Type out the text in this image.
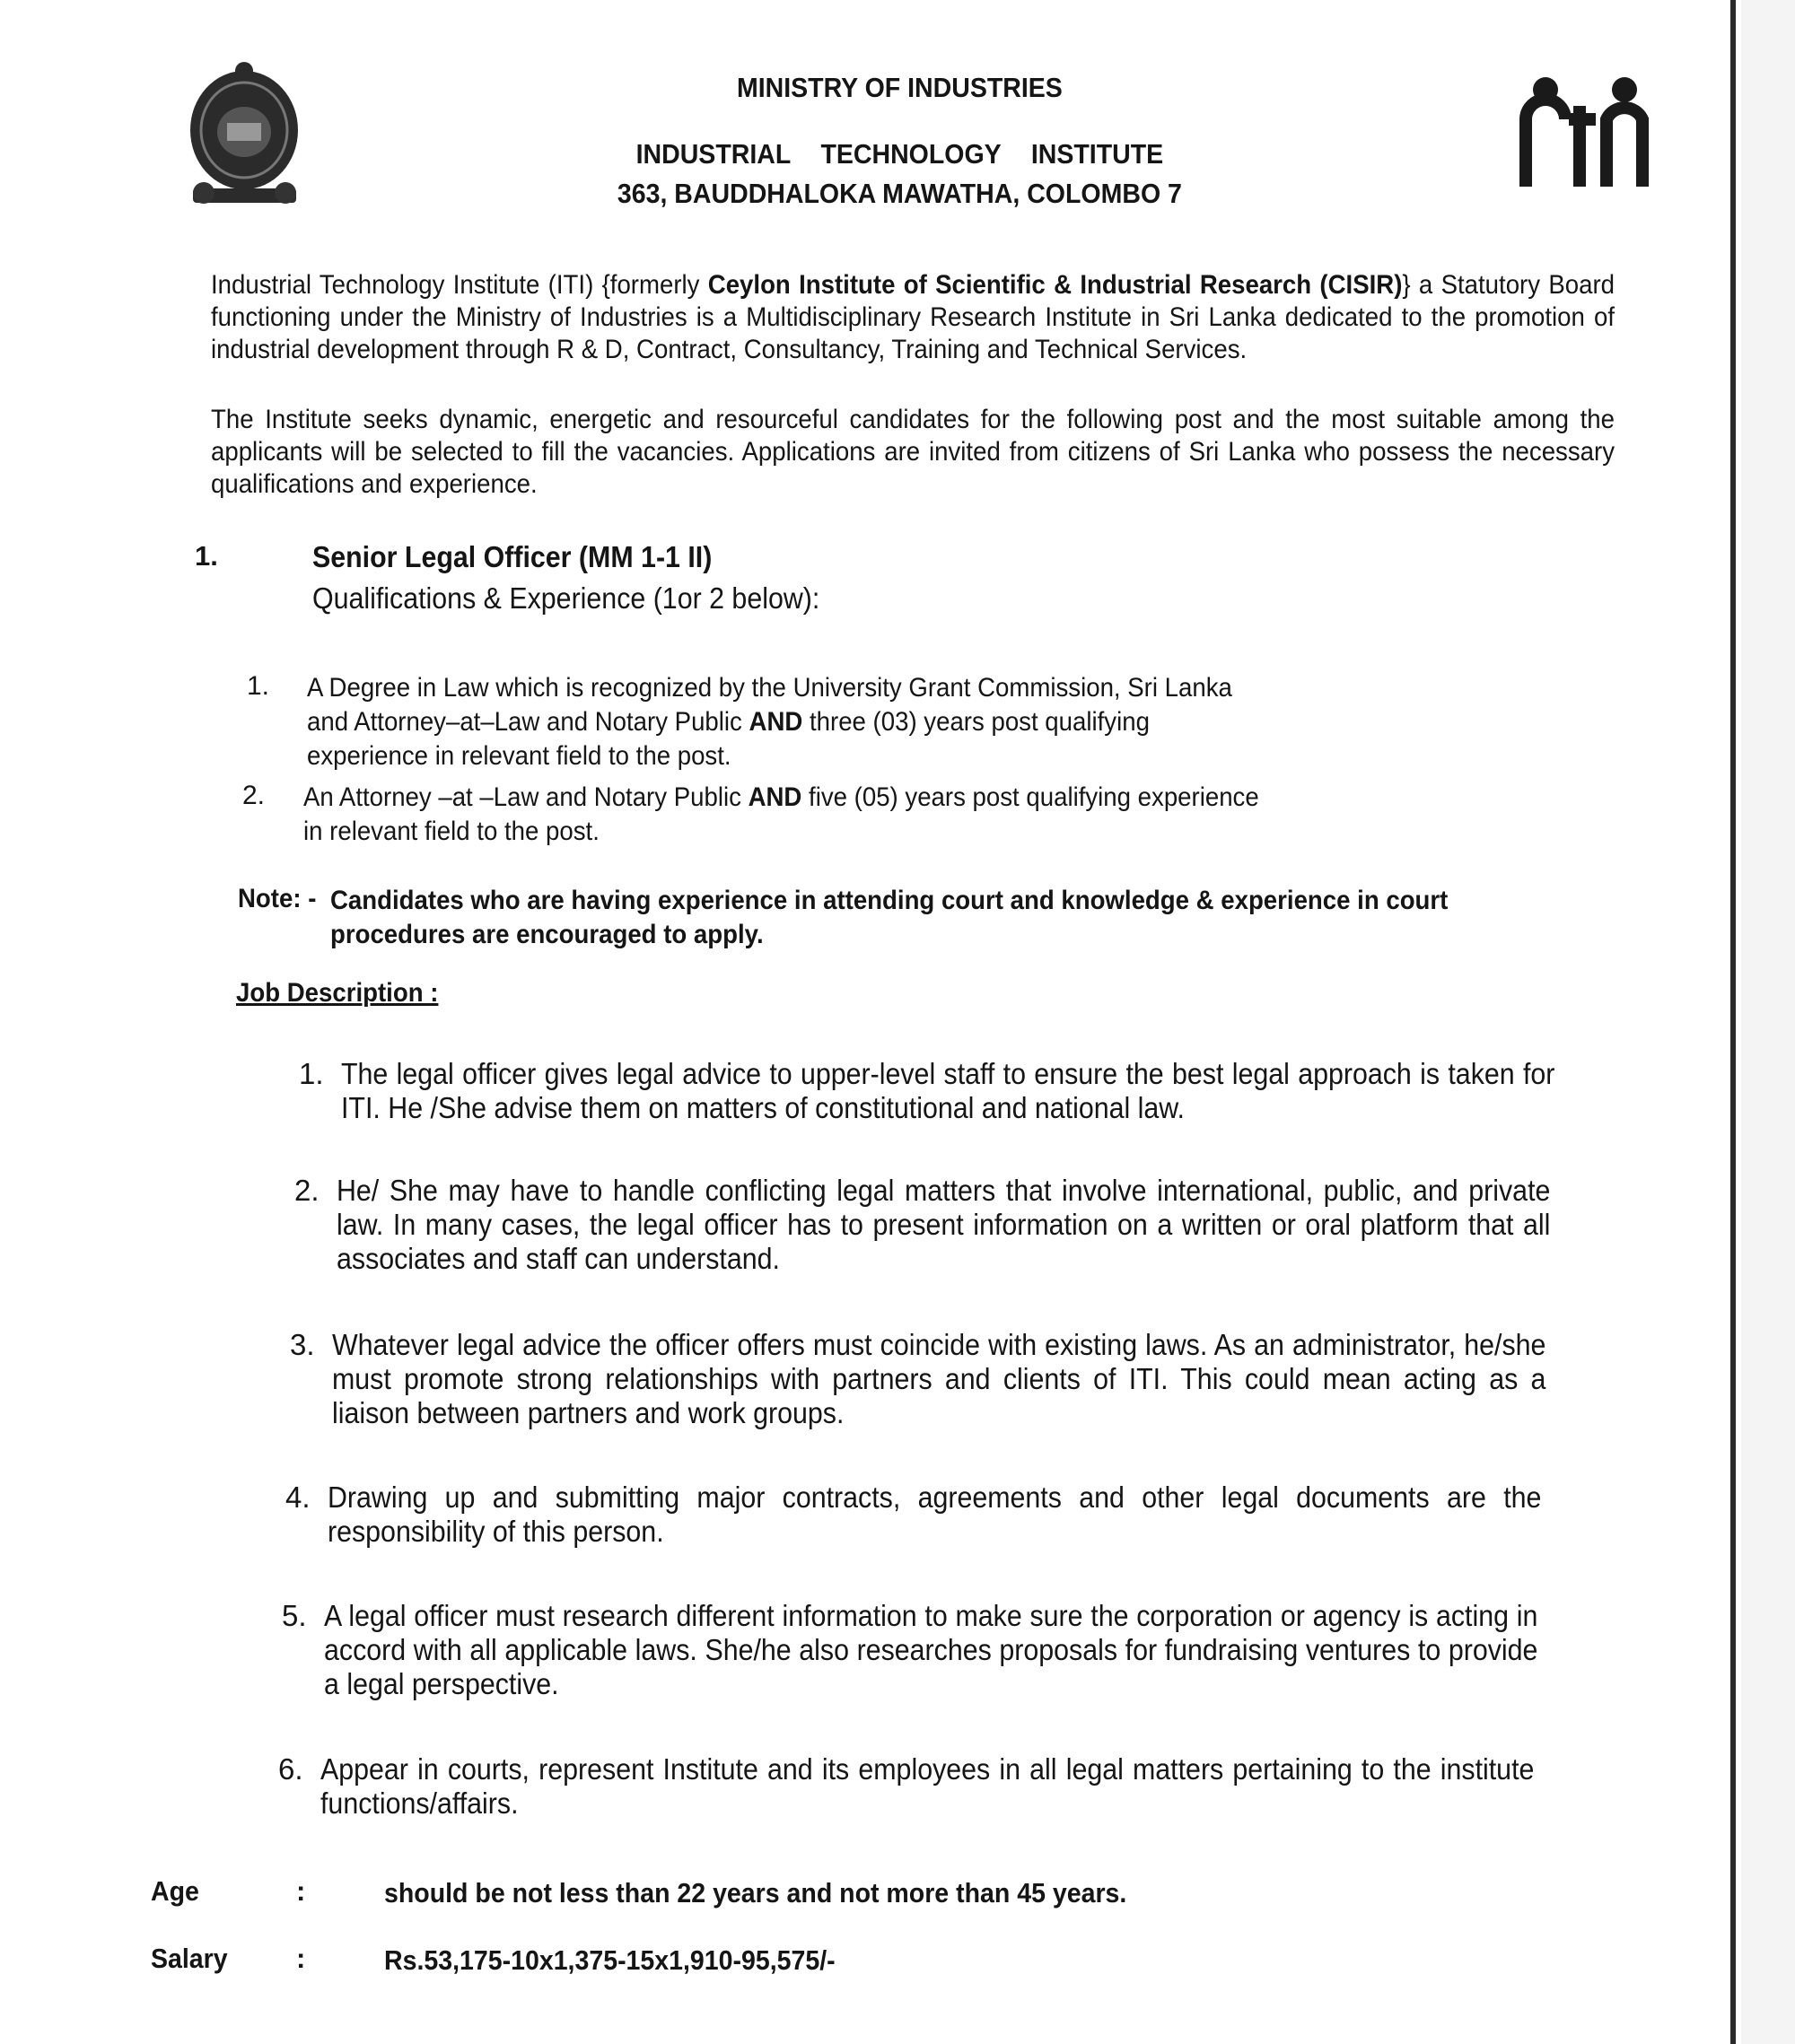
MINISTRY OF INDUSTRIES
INDUSTRIAL TECHNOLOGY INSTITUTE
363, BAUDDHALOKA MAWATHA, COLOMBO 7
Industrial Technology Institute (ITI) {formerly Ceylon Institute of Scientific & Industrial Research (CISIR)} a Statutory Board functioning under the Ministry of Industries is a Multidisciplinary Research Institute in Sri Lanka dedicated to the promotion of industrial development through R & D, Contract, Consultancy, Training and Technical Services.
The Institute seeks dynamic, energetic and resourceful candidates for the following post and the most suitable among the applicants will be selected to fill the vacancies. Applications are invited from citizens of Sri Lanka who possess the necessary qualifications and experience.
1.	Senior Legal Officer (MM 1-1 II)
Qualifications & Experience (1or 2 below):
1. A Degree in Law which is recognized by the University Grant Commission, Sri Lanka and Attorney–at–Law and Notary Public AND three (03) years post qualifying experience in relevant field to the post.
2. An Attorney –at –Law and Notary Public AND five (05) years post qualifying experience in relevant field to the post.
Note: - Candidates who are having experience in attending court and knowledge & experience in court procedures are encouraged to apply.
Job Description :
1. The legal officer gives legal advice to upper-level staff to ensure the best legal approach is taken for ITI. He /She advise them on matters of constitutional and national law.
2. He/ She may have to handle conflicting legal matters that involve international, public, and private law. In many cases, the legal officer has to present information on a written or oral platform that all associates and staff can understand.
3. Whatever legal advice the officer offers must coincide with existing laws. As an administrator, he/she must promote strong relationships with partners and clients of ITI. This could mean acting as a liaison between partners and work groups.
4. Drawing up and submitting major contracts, agreements and other legal documents are the responsibility of this person.
5. A legal officer must research different information to make sure the corporation or agency is acting in accord with all applicable laws. She/he also researches proposals for fundraising ventures to provide a legal perspective.
6. Appear in courts, represent Institute and its employees in all legal matters pertaining to the institute functions/affairs.
Age	:	should be not less than 22 years and not more than 45 years.
Salary :	Rs.53,175-10x1,375-15x1,910-95,575/-
